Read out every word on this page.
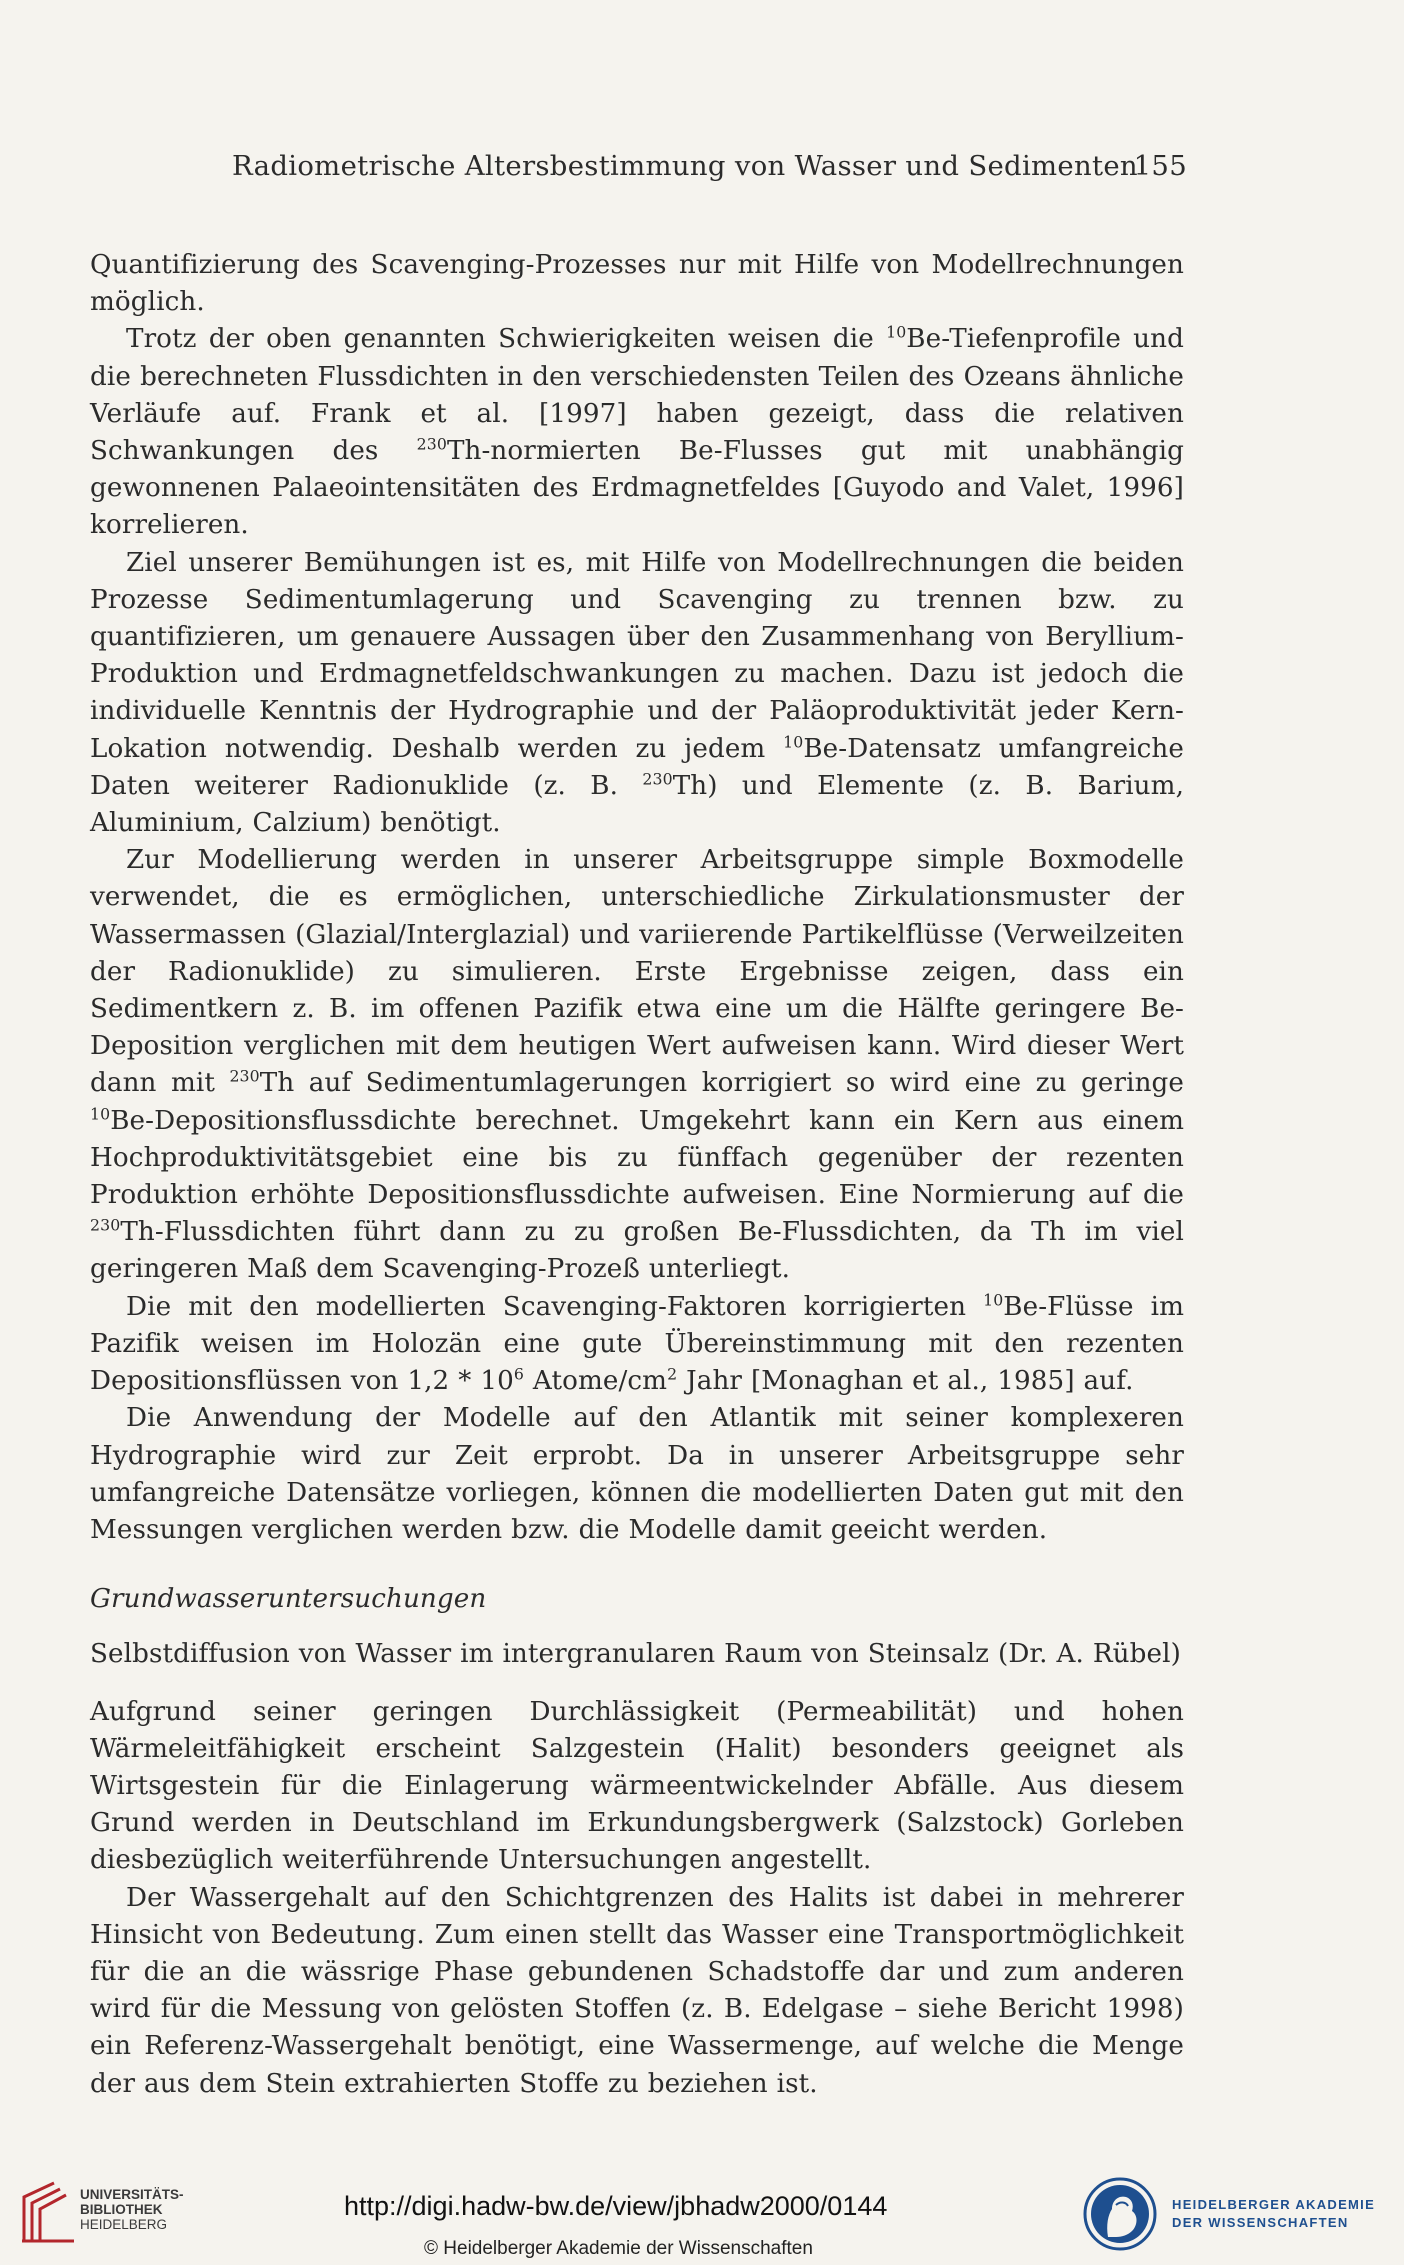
Radiometrische Altersbestimmung von Wasser und Sedimenten
155

Quantifizierung des Scavenging-Prozesses nur mit Hilfe von Modellrechnungen möglich.

Trotz der oben genannten Schwierigkeiten weisen die $^{10}$Be-Tiefenprofile und die berechneten Flussdichten in den verschiedensten Teilen des Ozeans ähnliche Verläufe auf. Frank et al. [1997] haben gezeigt, dass die relativen Schwankungen des $^{230}$Th-normierten Be-Flusses gut mit unabhängig gewonnenen Palaeointensitäten des Erdmagnetfeldes [Guyodo and Valet, 1996] korrelieren.

Ziel unserer Bemühungen ist es, mit Hilfe von Modellrechnungen die beiden Prozesse Sedimentumlagerung und Scavenging zu trennen bzw. zu quantifizieren, um genauere Aussagen über den Zusammenhang von Beryllium-Produktion und Erdmagnetfeldschwankungen zu machen. Dazu ist jedoch die individuelle Kenntnis der Hydrographie und der Paläoproduktivität jeder Kern-Lokation notwendig. Deshalb werden zu jedem $^{10}$Be-Datensatz umfangreiche Daten weiterer Radionuklide (z. B. $^{230}$Th) und Elemente (z. B. Barium, Aluminium, Calzium) benötigt.

Zur Modellierung werden in unserer Arbeitsgruppe simple Boxmodelle verwendet, die es ermöglichen, unterschiedliche Zirkulationsmuster der Wassermassen (Glazial/Interglazial) und variierende Partikelflüsse (Verweilzeiten der Radionuklide) zu simulieren. Erste Ergebnisse zeigen, dass ein Sedimentkern z. B. im offenen Pazifik etwa eine um die Hälfte geringere Be-Deposition verglichen mit dem heutigen Wert aufweisen kann. Wird dieser Wert dann mit $^{230}$Th auf Sedimentumlagerungen korrigiert so wird eine zu geringe $^{10}$Be-Depositionsflussdichte berechnet. Umgekehrt kann ein Kern aus einem Hochproduktivitätsgebiet eine bis zu fünffach gegenüber der rezenten Produktion erhöhte Depositionsflussdichte aufweisen. Eine Normierung auf die $^{230}$Th-Flussdichten führt dann zu zu großen Be-Flussdichten, da Th im viel geringeren Maß dem Scavenging-Prozeß unterliegt.

Die mit den modellierten Scavenging-Faktoren korrigierten $^{10}$Be-Flüsse im Pazifik weisen im Holozän eine gute Übereinstimmung mit den rezenten Depositionsflüssen von $1,2 * 10^6$ Atome/$cm^2$ Jahr [Monaghan et al., 1985] auf.

Die Anwendung der Modelle auf den Atlantik mit seiner komplexeren Hydrographie wird zur Zeit erprobt. Da in unserer Arbeitsgruppe sehr umfangreiche Datensätze vorliegen, können die modellierten Daten gut mit den Messungen verglichen werden bzw. die Modelle damit geeicht werden.

Grundwasseruntersuchungen

Selbstdiffusion von Wasser im intergranularen Raum von Steinsalz (Dr. A. Rübel)

Aufgrund seiner geringen Durchlässigkeit (Permeabilität) und hohen Wärmeleitfähigkeit erscheint Salzgestein (Halit) besonders geeignet als Wirtsgestein für die Einlagerung wärmeentwickelnder Abfälle. Aus diesem Grund werden in Deutschland im Erkundungsbergwerk (Salzstock) Gorleben diesbezüglich weiterführende Untersuchungen angestellt.

Der Wassergehalt auf den Schichtgrenzen des Halits ist dabei in mehrerer Hinsicht von Bedeutung. Zum einen stellt das Wasser eine Transportmöglichkeit für die an die wässrige Phase gebundenen Schadstoffe dar und zum anderen wird für die Messung von gelösten Stoffen (z. B. Edelgase – siehe Bericht 1998) ein Referenz-Wassergehalt benötigt, eine Wassermenge, auf welche die Menge der aus dem Stein extrahierten Stoffe zu beziehen ist.

UNIVERSITÄTS-
BIBLIOTHEK
HEIDELBERG
http://digi.hadw-bw.de/view/jbhadw2000/0144
© Heidelberger Akademie der Wissenschaften
HEIDELBERGER AKADEMIE
DER WISSENSCHAFTEN
